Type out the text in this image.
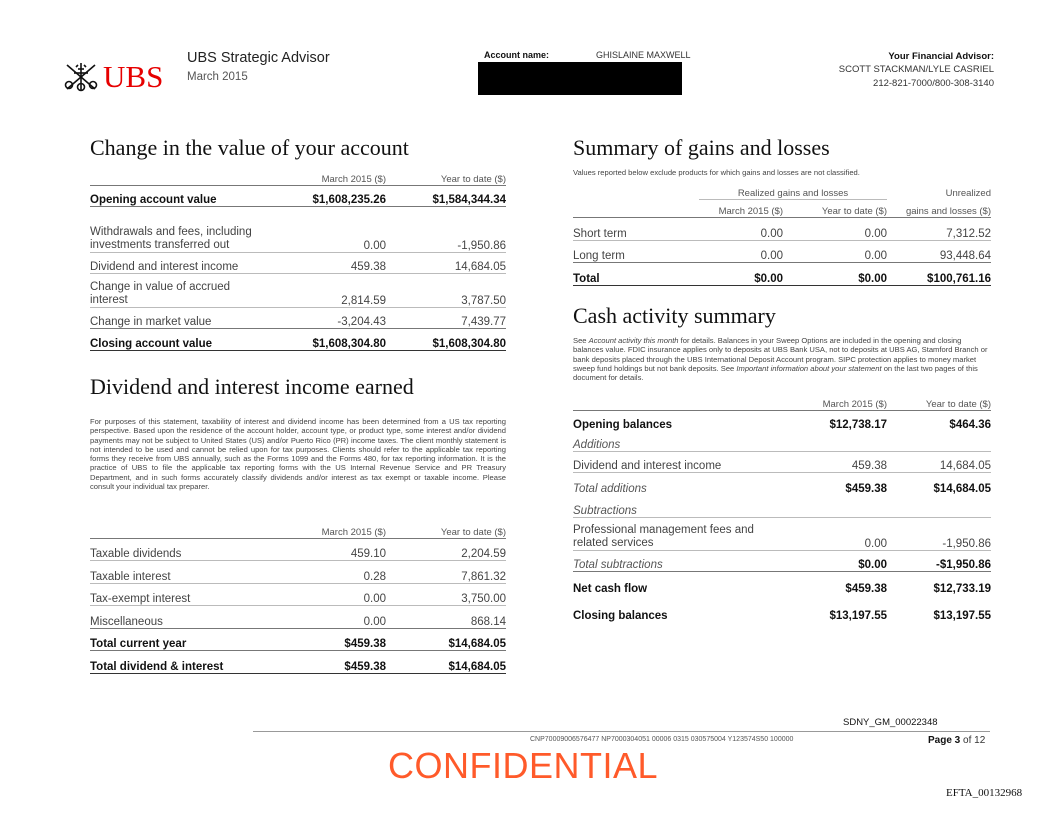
UBS
UBS Strategic Advisor
March 2015
Account name:	GHISLAINE MAXWELL	Your Financial Advisor:
SCOTT STACKMAN/LYLE CASRIEL
212-821-7000/800-308-3140
Change in the value of your account
	March 2015 ($)	Year to date ($)
Opening account value	$1,608,235.26	$1,584,344.34
Withdrawals and fees, including investments transferred out	0.00	-1,950.86
Dividend and interest income	459.38	14,684.05
Change in value of accrued interest	2,814.59	3,787.50
Change in market value	-3,204.43	7,439.77
Closing account value	$1,608,304.80	$1,608,304.80
Dividend and interest income earned
For purposes of this statement, taxability of interest and dividend income has been determined from a US tax reporting perspective. Based upon the residence of the account holder, account type, or product type, some interest and/or dividend payments may not be subject to United States (US) and/or Puerto Rico (PR) income taxes. The client monthly statement is not intended to be used and cannot be relied upon for tax purposes. Clients should refer to the applicable tax reporting forms they receive from UBS annually, such as the Forms 1099 and the Forms 480, for tax reporting information. It is the practice of UBS to file the applicable tax reporting forms with the US Internal Revenue Service and PR Treasury Department, and in such forms accurately classify dividends and/or interest as tax exempt or taxable income. Please consult your individual tax preparer.
	March 2015 ($)	Year to date ($)
Taxable dividends	459.10	2,204.59
Taxable interest	0.28	7,861.32
Tax-exempt interest	0.00	3,750.00
Miscellaneous	0.00	868.14
Total current year	$459.38	$14,684.05
Total dividend & interest	$459.38	$14,684.05
Summary of gains and losses
Values reported below exclude products for which gains and losses are not classified.
	Realized gains and losses		Unrealized
	March 2015 ($)	Year to date ($)	gains and losses ($)
Short term	0.00	0.00	7,312.52
Long term	0.00	0.00	93,448.64
Total	$0.00	$0.00	$100,761.16
Cash activity summary
See Account activity this month for details. Balances in your Sweep Options are included in the opening and closing balances value. FDIC insurance applies only to deposits at UBS Bank USA, not to deposits at UBS AG, Stamford Branch or bank deposits placed through the UBS International Deposit Account program. SIPC protection applies to money market sweep fund holdings but not bank deposits. See Important information about your statement on the last two pages of this document for details.
	March 2015 ($)	Year to date ($)
Opening balances	$12,738.17	$464.36
Additions		
Dividend and interest income	459.38	14,684.05
Total additions	$459.38	$14,684.05
Subtractions		
Professional management fees and related services	0.00	-1,950.86
Total subtractions	$0.00	-$1,950.86
Net cash flow	$459.38	$12,733.19
Closing balances	$13,197.55	$13,197.55
SDNY_GM_00022348
CNP70009006576477 NP7000304051 00006 0315 030575004 Y123574S50 100000	Page 3 of 12
CONFIDENTIAL
EFTA_00132968
